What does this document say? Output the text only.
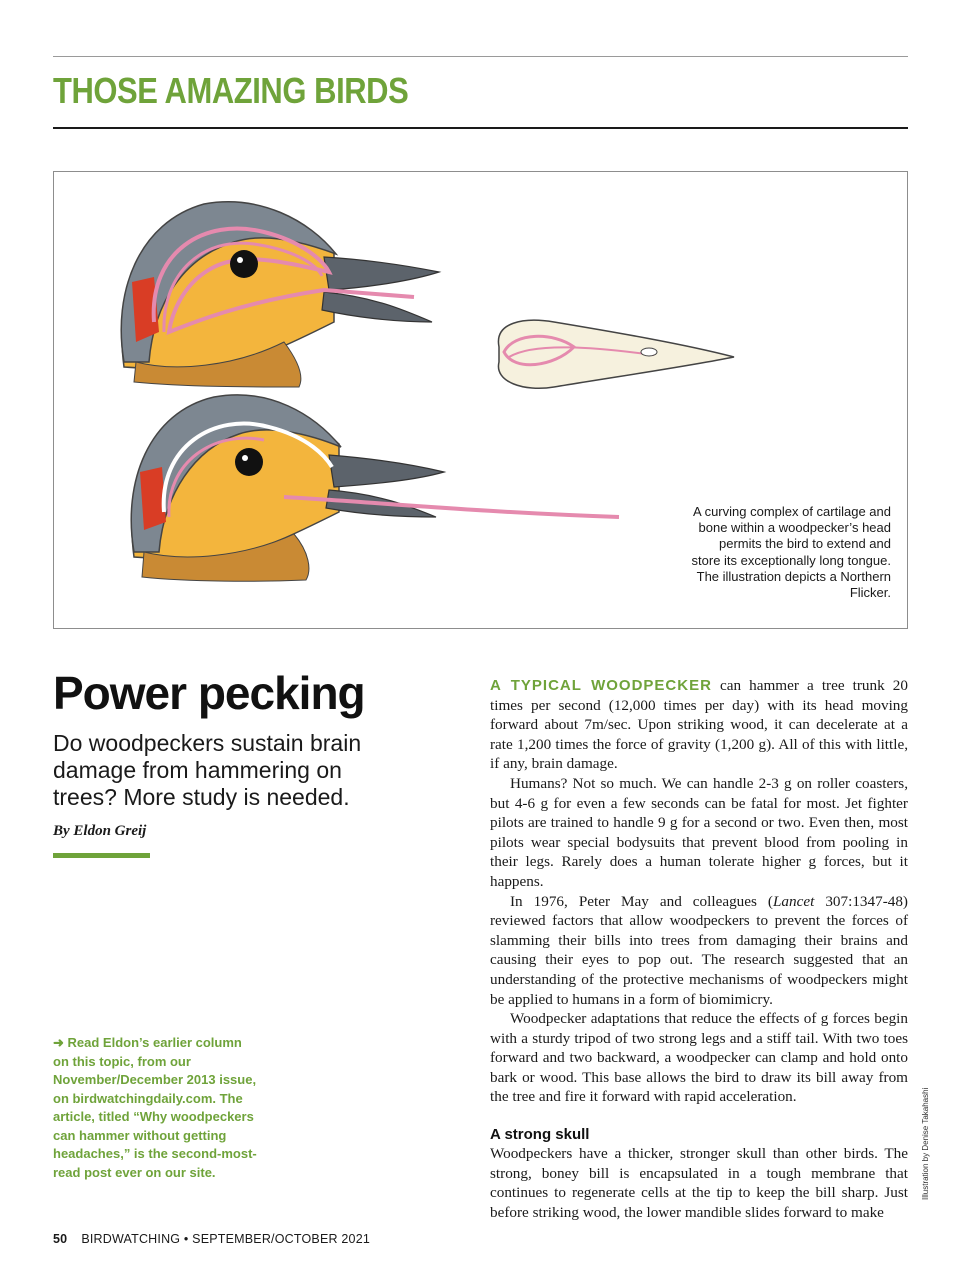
THOSE AMAZING BIRDS
A curving complex of cartilage and bone within a woodpecker’s head permits the bird to extend and store its exceptionally long tongue. The illustration depicts a Northern Flicker.
Power pecking

Do woodpeckers sustain brain damage from hammering on trees? More study is needed.

By Eldon Greij

➜ Read Eldon’s earlier column on this topic, from our November/December 2013 issue, on birdwatchingdaily.com. The article, titled “Why woodpeckers can hammer without getting headaches,” is the second-most-read post ever on our site.

A TYPICAL WOODPECKER can hammer a tree trunk 20 times per second (12,000 times per day) with its head moving forward about 7m/sec. Upon striking wood, it can decelerate at a rate 1,200 times the force of gravity (1,200 g). All of this with little, if any, brain damage.

Humans? Not so much. We can handle 2-3 g on roller coasters, but 4-6 g for even a few seconds can be fatal for most. Jet fighter pilots are trained to handle 9 g for a second or two. Even then, most pilots wear special bodysuits that prevent blood from pooling in their legs. Rarely does a human tolerate higher g forces, but it happens.

In 1976, Peter May and colleagues (Lancet 307:1347-48) reviewed factors that allow woodpeckers to prevent the forces of slamming their bills into trees from damaging their brains and causing their eyes to pop out. The research suggested that an understanding of the protective mechanisms of woodpeckers might be applied to humans in a form of biomimicry.

Woodpecker adaptations that reduce the effects of g forces begin with a sturdy tripod of two strong legs and a stiff tail. With two toes forward and two backward, a woodpecker can clamp and hold onto bark or wood. This base allows the bird to draw its bill away from the tree and fire it forward with rapid acceleration.

A strong skull

Woodpeckers have a thicker, stronger skull than other birds. The strong, boney bill is encapsulated in a tough membrane that continues to regenerate cells at the tip to keep the bill sharp. Just before striking wood, the lower mandible slides forward to make

Illustration by Denise Takahashi
50 BIRDWATCHING • SEPTEMBER/OCTOBER 2021
